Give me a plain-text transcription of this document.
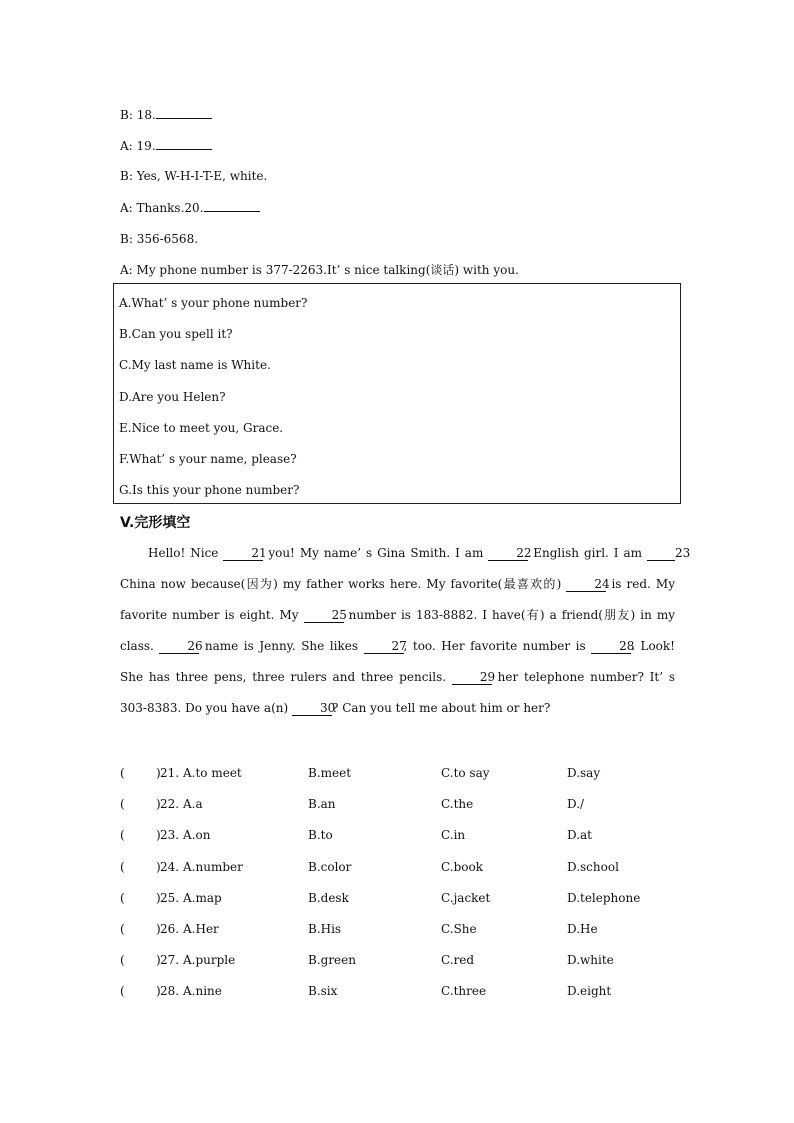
B: 18.
A: 19.
B: Yes, W-H-I-T-E, white.
A: Thanks.20.
B: 356-6568.
A: My phone number is 377-2263.It’ s nice talking(谈话) with you.
A.What’ s your phone number?
B.Can you spell it?
C.My last name is White.
D.Are you Helen?
E.Nice to meet you, Grace.
F.What’ s your name, please?
G.Is this your phone number?
V.完形填空
Hello! Nice 21 you! My name’ s Gina Smith. I am 22 English girl. I am 23 China now because(因为) my father works here. My favorite(最喜欢的) 24 is red. My favorite number is eight. My 25 number is 183-8882. I have(有) a friend(朋友) in my class. 26 name is Jenny. She likes 27, too. Her favorite number is 28. Look! She has three pens, three rulers and three pencils. 29 her telephone number? It’ s 303-8383. Do you have a(n) 30? Can you tell me about him or her?
(	) 21. A.to meet	B.meet	C.to say	D.say
(	) 22. A.a	B.an	C.the	D./
(	) 23. A.on	B.to	C.in	D.at
(	) 24. A.number	B.color	C.book	D.school
(	) 25. A.map	B.desk	C.jacket	D.telephone
(	) 26. A.Her	B.His	C.She	D.He
(	) 27. A.purple	B.green	C.red	D.white
(	) 28. A.nine	B.six	C.three	D.eight
